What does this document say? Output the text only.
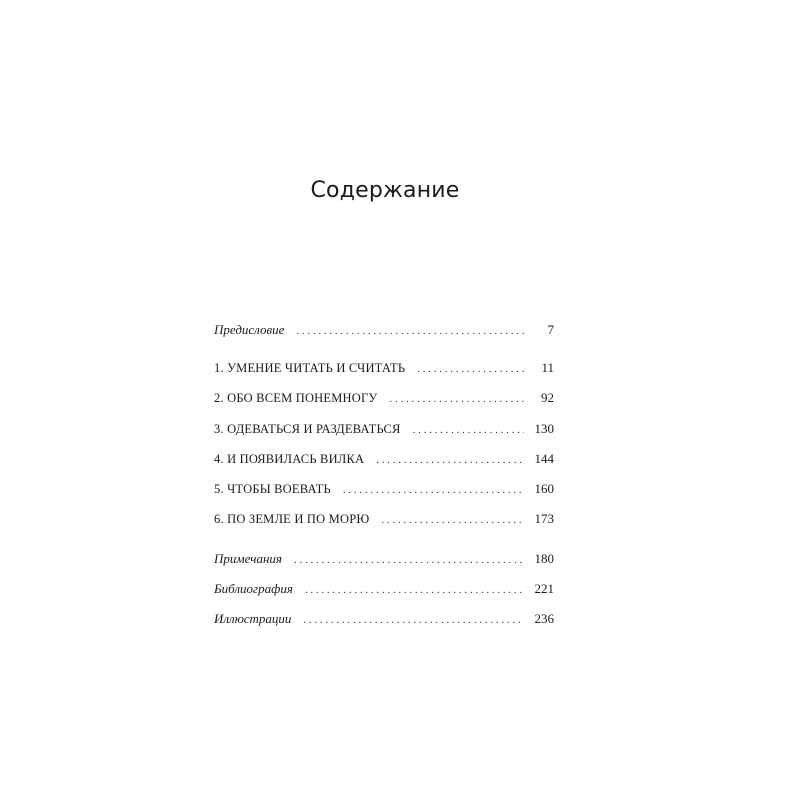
Содержание
Предисловие . . .	7
1. УМЕНИЕ ЧИТАТЬ И СЧИТАТЬ . . .	11
2. ОБО ВСЕМ ПОНЕМНОГУ . . .	92
3. ОДЕВАТЬСЯ И РАЗДЕВАТЬСЯ . . .	130
4. И ПОЯВИЛАСЬ ВИЛКА . . .	144
5. ЧТОБЫ ВОЕВАТЬ . . .	160
6. ПО ЗЕМЛЕ И ПО МОРЮ . . .	173
Примечания . . .	180
Библиография . . .	221
Иллюстрации . . .	236
